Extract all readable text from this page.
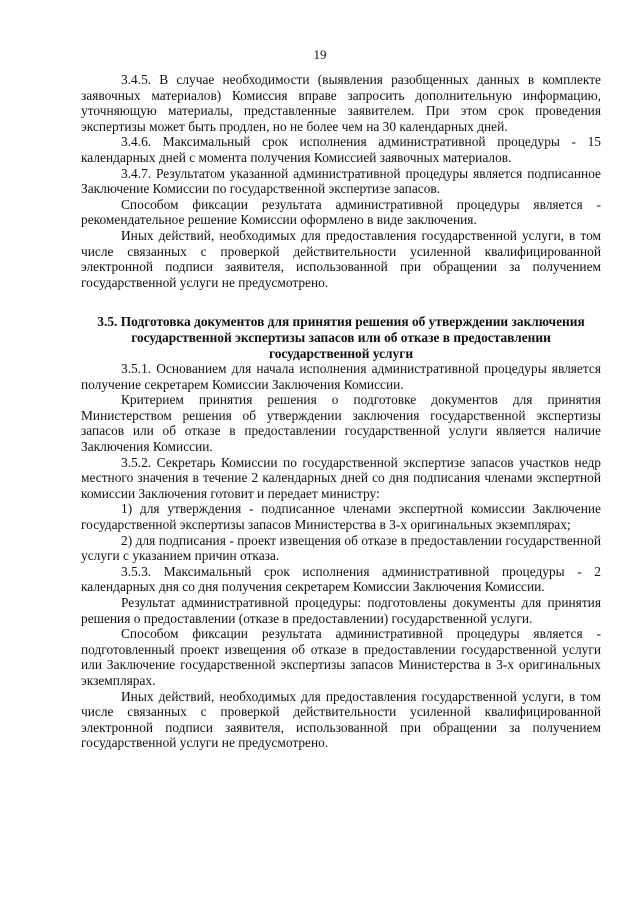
19

3.4.5. В случае необходимости (выявления разобщенных данных в комплекте заявочных материалов) Комиссия вправе запросить дополнительную информацию, уточняющую материалы, представленные заявителем. При этом срок проведения экспертизы может быть продлен, но не более чем на 30 календарных дней.

3.4.6. Максимальный срок исполнения административной процедуры - 15 календарных дней с момента получения Комиссией заявочных материалов.

3.4.7. Результатом указанной административной процедуры является подписанное Заключение Комиссии по государственной экспертизе запасов.

Способом фиксации результата административной процедуры является - рекомендательное решение Комиссии оформлено в виде заключения.

Иных действий, необходимых для предоставления государственной услуги, в том числе связанных с проверкой действительности усиленной квалифицированной электронной подписи заявителя, использованной при обращении за получением государственной услуги не предусмотрено.

3.5. Подготовка документов для принятия решения об утверждении заключения государственной экспертизы запасов или об отказе в предоставлении государственной услуги

3.5.1. Основанием для начала исполнения административной процедуры является получение секретарем Комиссии Заключения Комиссии.

Критерием принятия решения о подготовке документов для принятия Министерством решения об утверждении заключения государственной экспертизы запасов или об отказе в предоставлении государственной услуги является наличие Заключения Комиссии.

3.5.2. Секретарь Комиссии по государственной экспертизе запасов участков недр местного значения в течение 2 календарных дней со дня подписания членами экспертной комиссии Заключения готовит и передает министру:

1) для утверждения - подписанное членами экспертной комиссии Заключение государственной экспертизы запасов Министерства в 3-х оригинальных экземплярах;

2) для подписания - проект извещения об отказе в предоставлении государственной услуги с указанием причин отказа.

3.5.3. Максимальный срок исполнения административной процедуры - 2 календарных дня со дня получения секретарем Комиссии Заключения Комиссии.

Результат административной процедуры: подготовлены документы для принятия решения о предоставлении (отказе в предоставлении) государственной услуги.

Способом фиксации результата административной процедуры является - подготовленный проект извещения об отказе в предоставлении государственной услуги или Заключение государственной экспертизы запасов Министерства в 3-х оригинальных экземплярах.

Иных действий, необходимых для предоставления государственной услуги, в том числе связанных с проверкой действительности усиленной квалифицированной электронной подписи заявителя, использованной при обращении за получением государственной услуги не предусмотрено.
